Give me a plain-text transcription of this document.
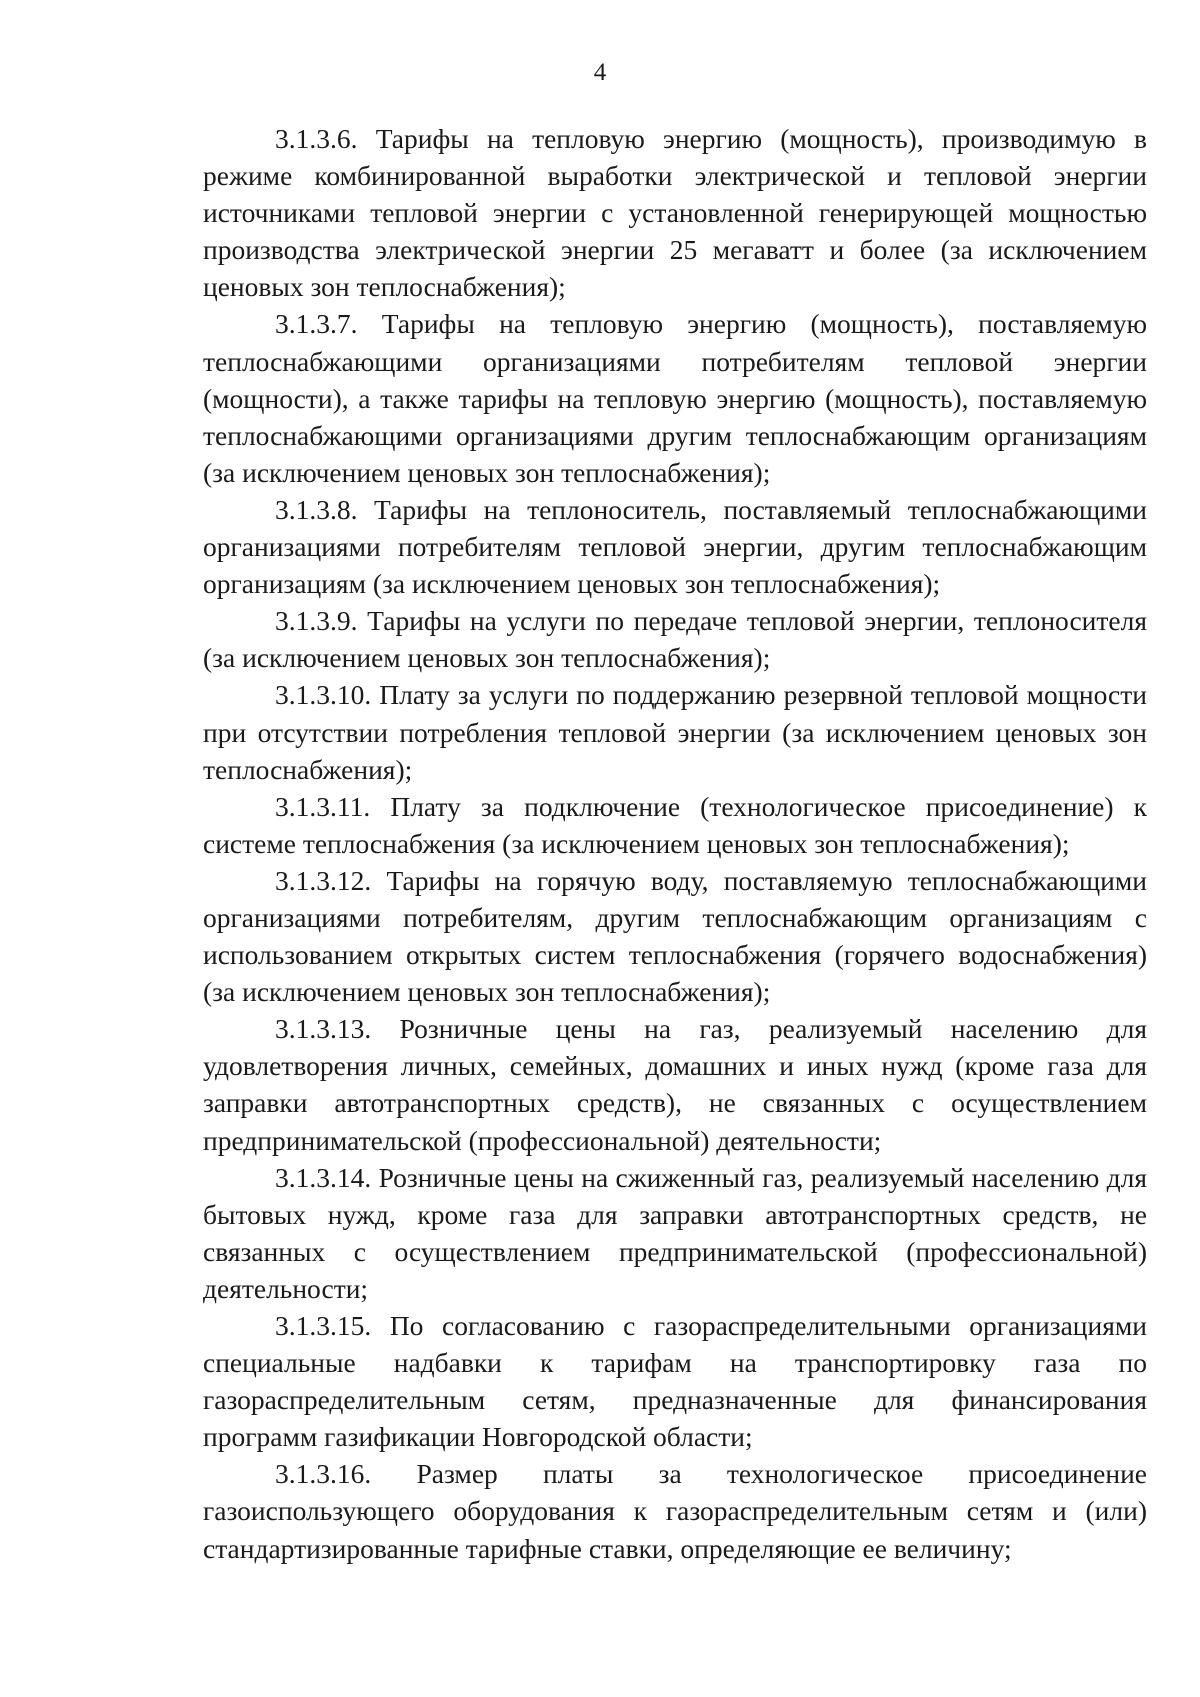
4

3.1.3.6. Тарифы на тепловую энергию (мощность), производимую в режиме комбинированной выработки электрической и тепловой энергии источниками тепловой энергии с установленной генерирующей мощностью производства электрической энергии 25 мегаватт и более (за исключением ценовых зон теплоснабжения);

3.1.3.7. Тарифы на тепловую энергию (мощность), поставляемую теплоснабжающими организациями потребителям тепловой энергии (мощности), а также тарифы на тепловую энергию (мощность), поставляемую теплоснабжающими организациями другим теплоснабжающим организациям (за исключением ценовых зон теплоснабжения);

3.1.3.8. Тарифы на теплоноситель, поставляемый теплоснабжающими организациями потребителям тепловой энергии, другим теплоснабжающим организациям (за исключением ценовых зон теплоснабжения);

3.1.3.9. Тарифы на услуги по передаче тепловой энергии, теплоносителя (за исключением ценовых зон теплоснабжения);

3.1.3.10. Плату за услуги по поддержанию резервной тепловой мощности при отсутствии потребления тепловой энергии (за исключением ценовых зон теплоснабжения);

3.1.3.11. Плату за подключение (технологическое присоединение) к системе теплоснабжения (за исключением ценовых зон теплоснабжения);

3.1.3.12. Тарифы на горячую воду, поставляемую теплоснабжающими организациями потребителям, другим теплоснабжающим организациям с использованием открытых систем теплоснабжения (горячего водоснабжения) (за исключением ценовых зон теплоснабжения);

3.1.3.13. Розничные цены на газ, реализуемый населению для удовлетворения личных, семейных, домашних и иных нужд (кроме газа для заправки автотранспортных средств), не связанных с осуществлением предпринимательской (профессиональной) деятельности;

3.1.3.14. Розничные цены на сжиженный газ, реализуемый населению для бытовых нужд, кроме газа для заправки автотранспортных средств, не связанных с осуществлением предпринимательской (профессиональной) деятельности;

3.1.3.15. По согласованию с газораспределительными организациями специальные надбавки к тарифам на транспортировку газа по газораспределительным сетям, предназначенные для финансирования программ газификации Новгородской области;

3.1.3.16. Размер платы за технологическое присоединение газоиспользующего оборудования к газораспределительным сетям и (или) стандартизированные тарифные ставки, определяющие ее величину;
